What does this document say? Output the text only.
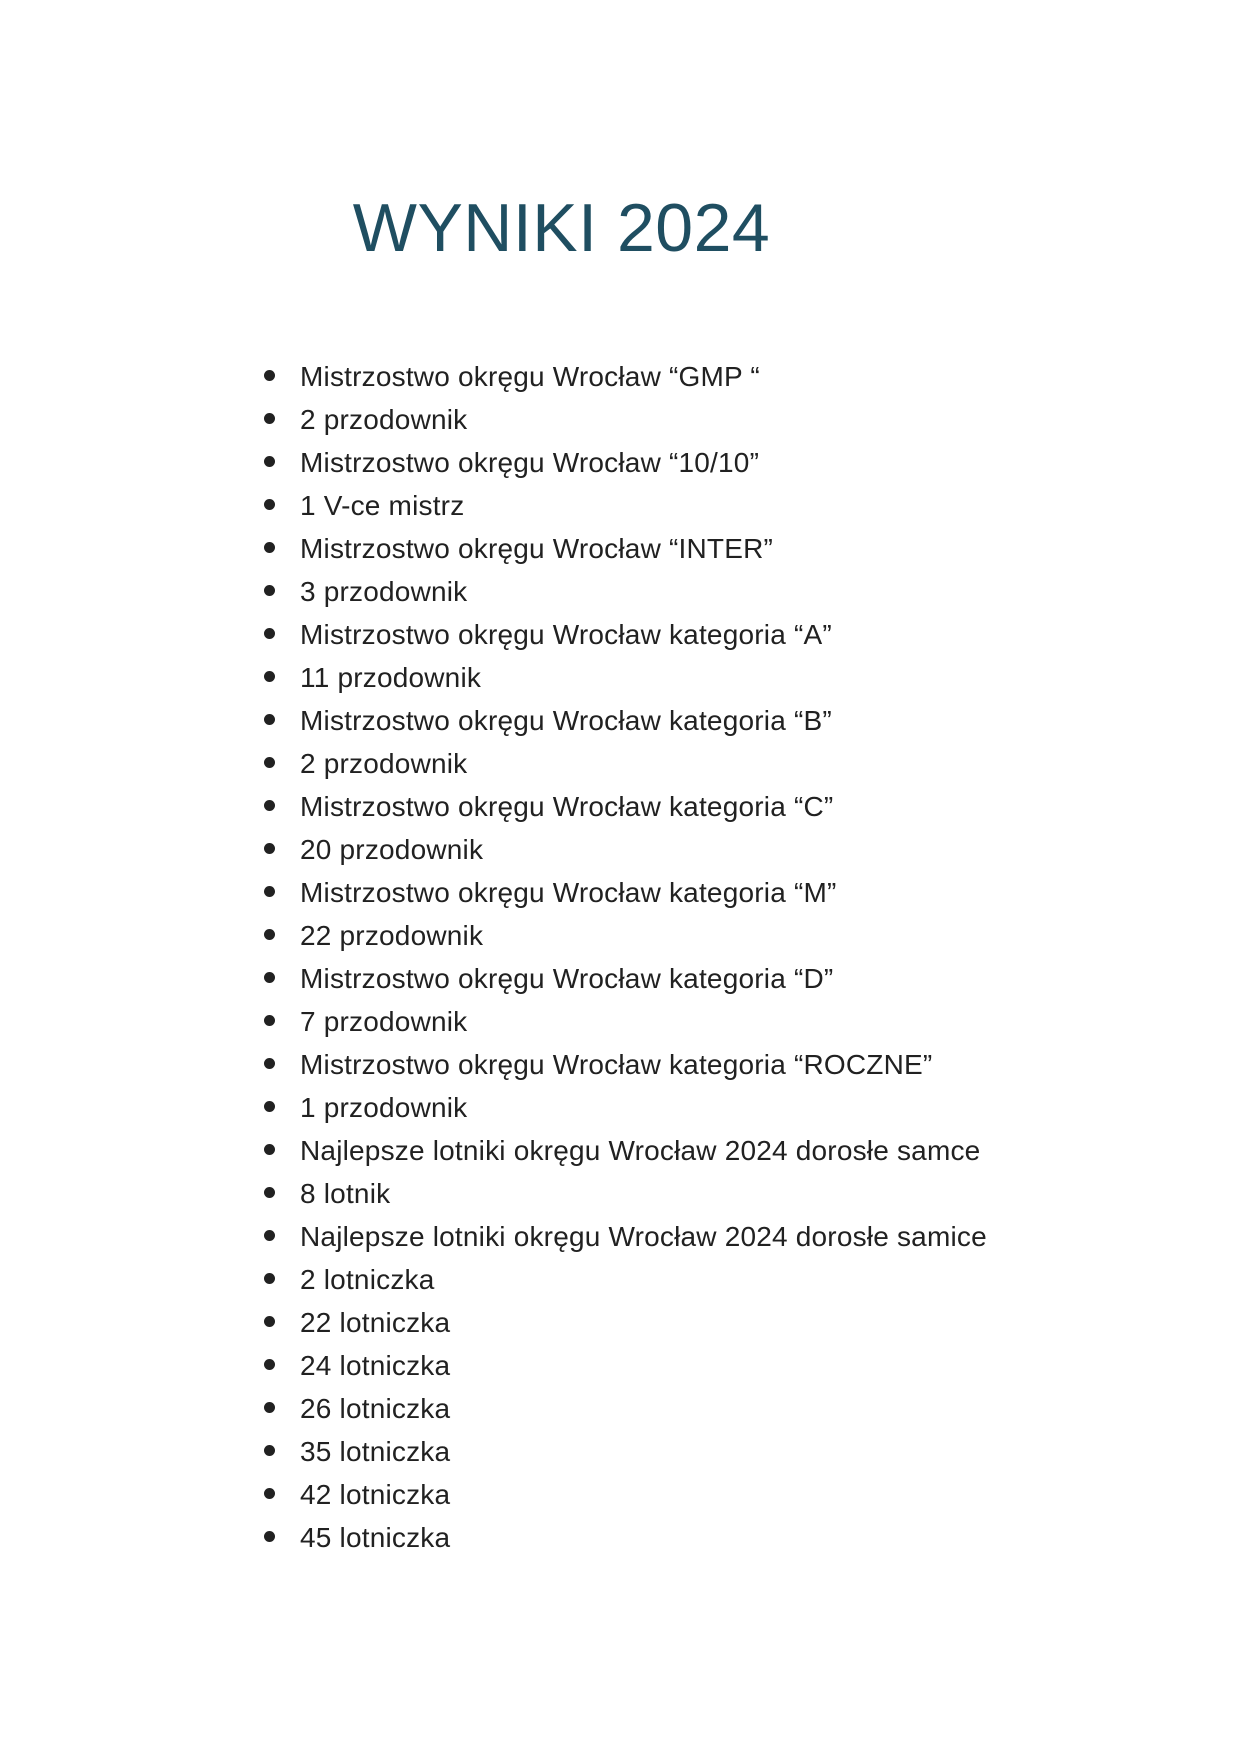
WYNIKI 2024
Mistrzostwo okręgu Wrocław “GMP “
2 przodownik
Mistrzostwo okręgu Wrocław “10/10”
1 V-ce mistrz
Mistrzostwo okręgu Wrocław “INTER”
3 przodownik
Mistrzostwo okręgu Wrocław kategoria “A”
11 przodownik
Mistrzostwo okręgu Wrocław kategoria “B”
2 przodownik
Mistrzostwo okręgu Wrocław kategoria “C”
20 przodownik
Mistrzostwo okręgu Wrocław kategoria “M”
22 przodownik
Mistrzostwo okręgu Wrocław kategoria “D”
7 przodownik
Mistrzostwo okręgu Wrocław kategoria “ROCZNE”
1 przodownik
Najlepsze lotniki okręgu Wrocław 2024 dorosłe samce
8 lotnik
Najlepsze lotniki okręgu Wrocław 2024 dorosłe samice
2 lotniczka
22 lotniczka
24 lotniczka
26 lotniczka
35 lotniczka
42 lotniczka
45 lotniczka
